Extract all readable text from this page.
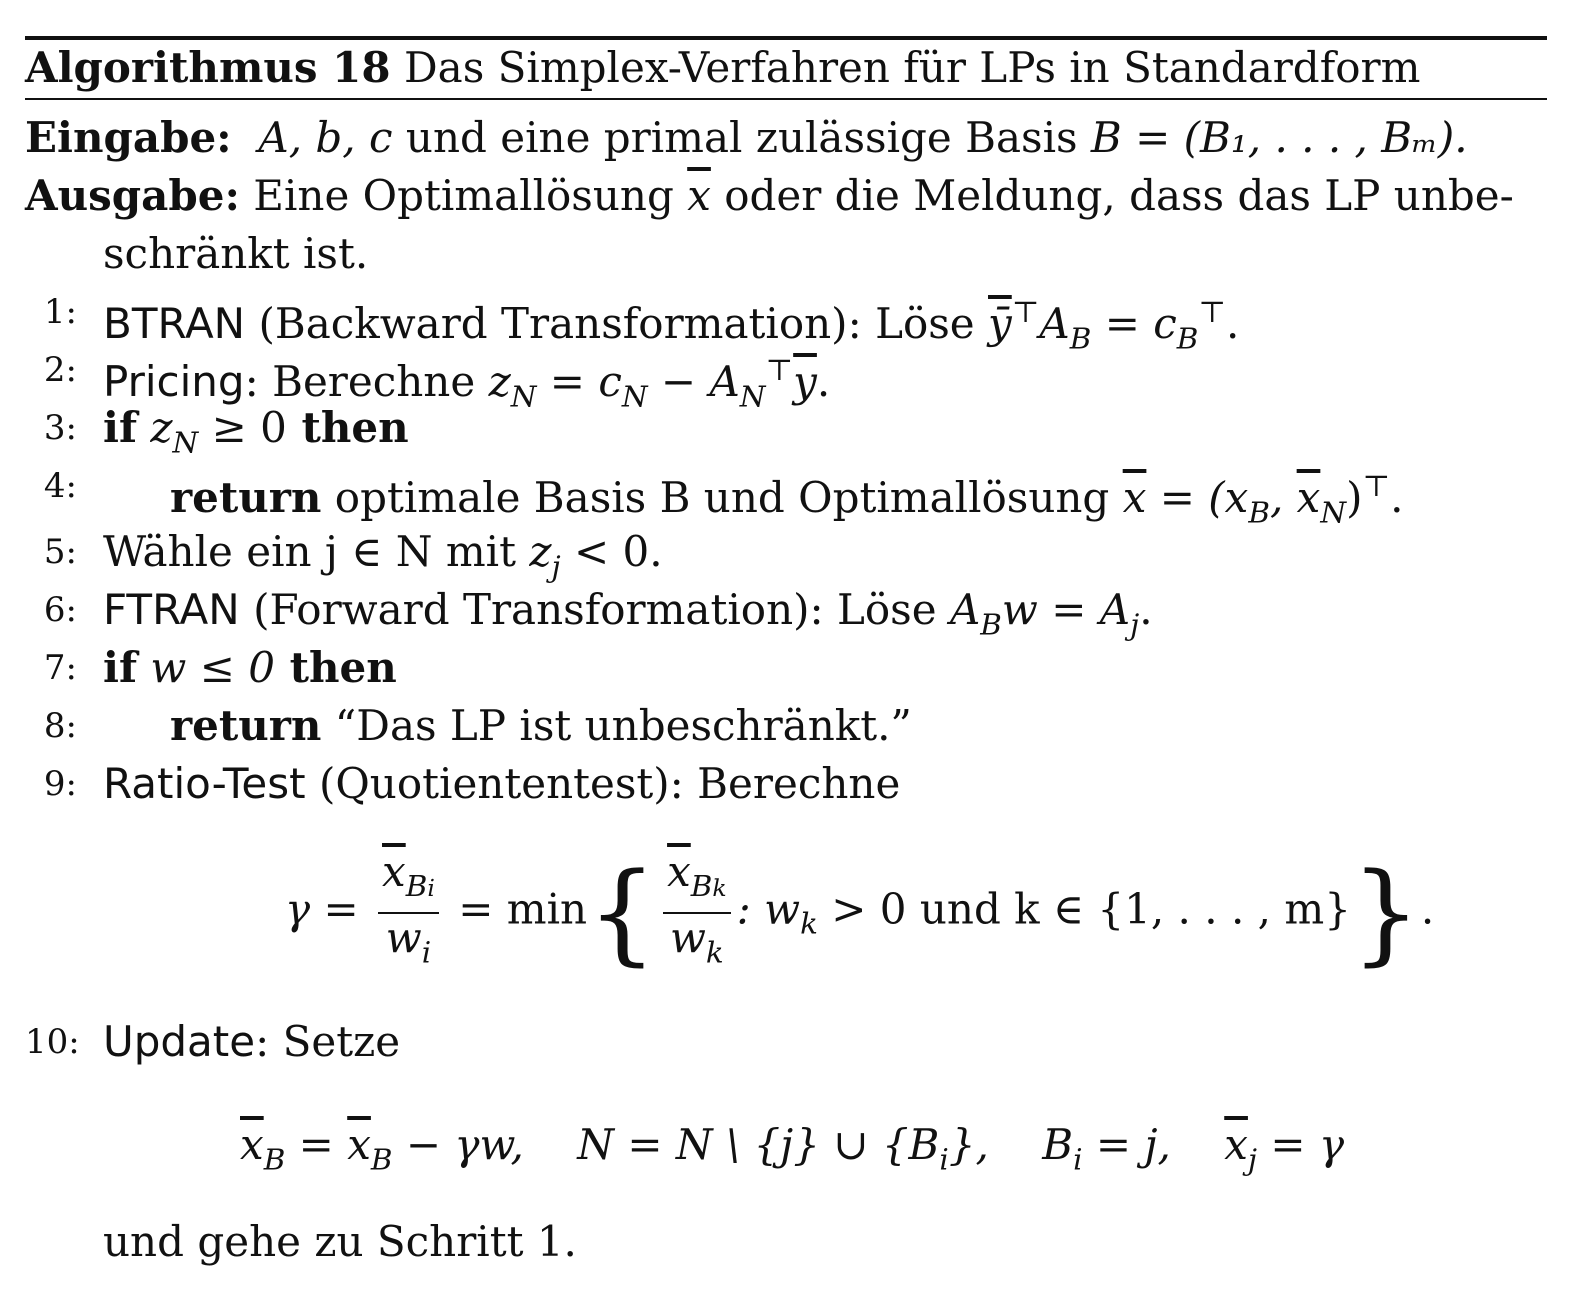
Algorithmus 18 Das Simplex-Verfahren für LPs in Standardform
Eingabe: A, b, c und eine primal zulässige Basis B = (B₁, . . . , Bₘ).
Ausgabe: Eine Optimallösung $\overline{x}$ oder die Meldung, dass das LP unbe-
schränkt ist.
1: BTRAN (Backward Transformation): Löse $\overline{ȳ}^⊤A_B = c_B^⊤$.
2: Pricing: Berechne $z_N = c_N - A_N^⊤\overline{y}$.
3: if $z_N \ge 0$ then
4: return optimale Basis B und Optimallösung $\overline{x} = (x_B$, $\overline{x}_N)^⊤$.
5: Wähle ein j ∈ N mit $z_j < 0$.
6: FTRAN (Forward Transformation): Löse $A_Bw = A_j$.
7: if w ≤ 0 then
8: return “Das LP ist unbeschränkt.”
9: Ratio-Test (Quotiententest): Berechne
$\gamma = \frac{\overline{x}_{Bi}}{w_i} = \min\{ \frac{\overline{x}_{Bk}}{w_k}$ : $w_k > 0$ und k ∈ {1, . . . , m}}.
10: Update: Setze
$\overline{x}_B = \overline{x}_B - \gamma w$,    N = N \ {j} ∪ $\{B_i\}$,    $B_i = j$,    $\overline{x}_j = \gamma$
und gehe zu Schritt 1.
